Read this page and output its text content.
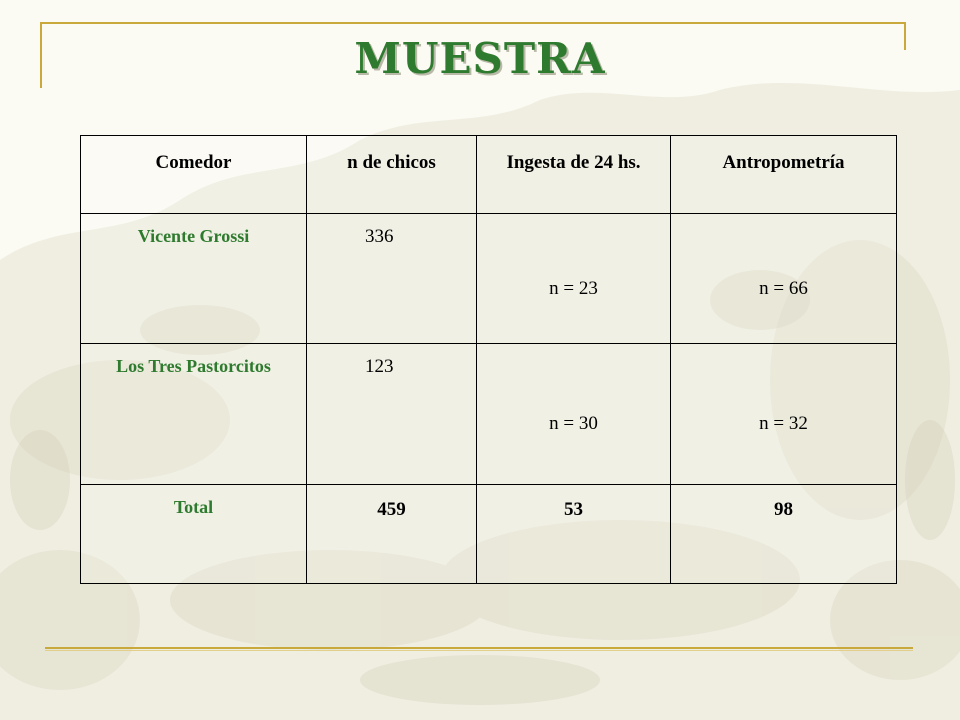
MUESTRA
Comedor	n de chicos	Ingesta de 24 hs.	Antropometría
Vicente Grossi	336	n = 23	n = 66
Los Tres Pastorcitos	123	n = 30	n = 32
Total	459	53	98
